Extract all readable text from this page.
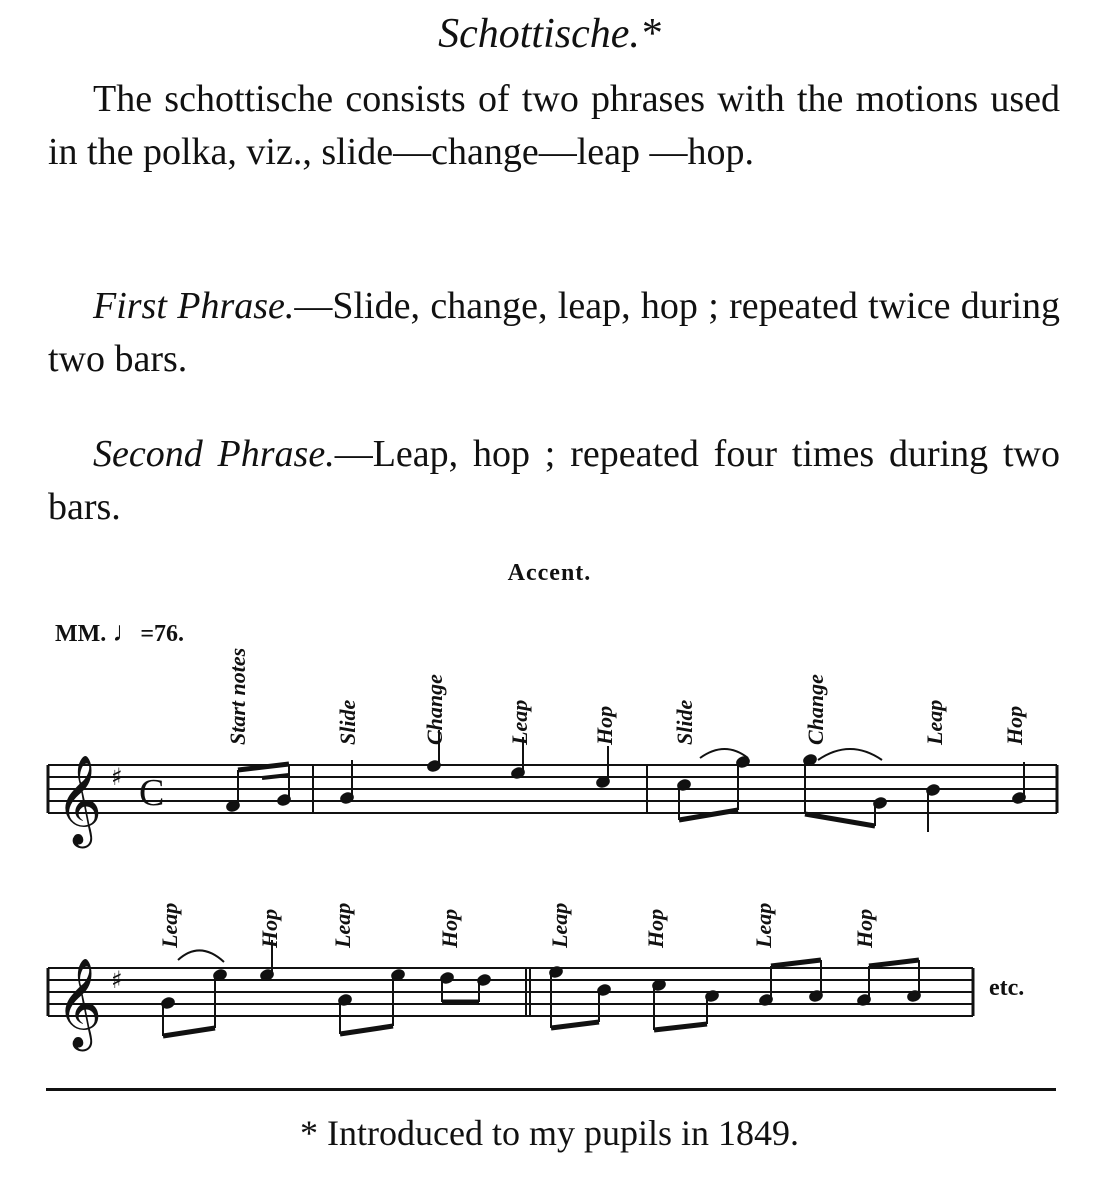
Schottische.*
The schottische consists of two phrases with the motions used in the polka, viz., slide—change—leap —hop.
First Phrase.—Slide, change, leap, hop ; repeated twice during two bars.
Second Phrase.—Leap, hop ; repeated four times during two bars.
Accent.
MM. ♩=76.
𝄞 ♯
𝄞 ♯
C
Start notes	Slide	Change	Leap	Hop	Slide	Change	Leap	Hop
Leap	Hop Leap	Hop	Leap	Hop	Leap	Hop
etc.
* Introduced to my pupils in 1849.
